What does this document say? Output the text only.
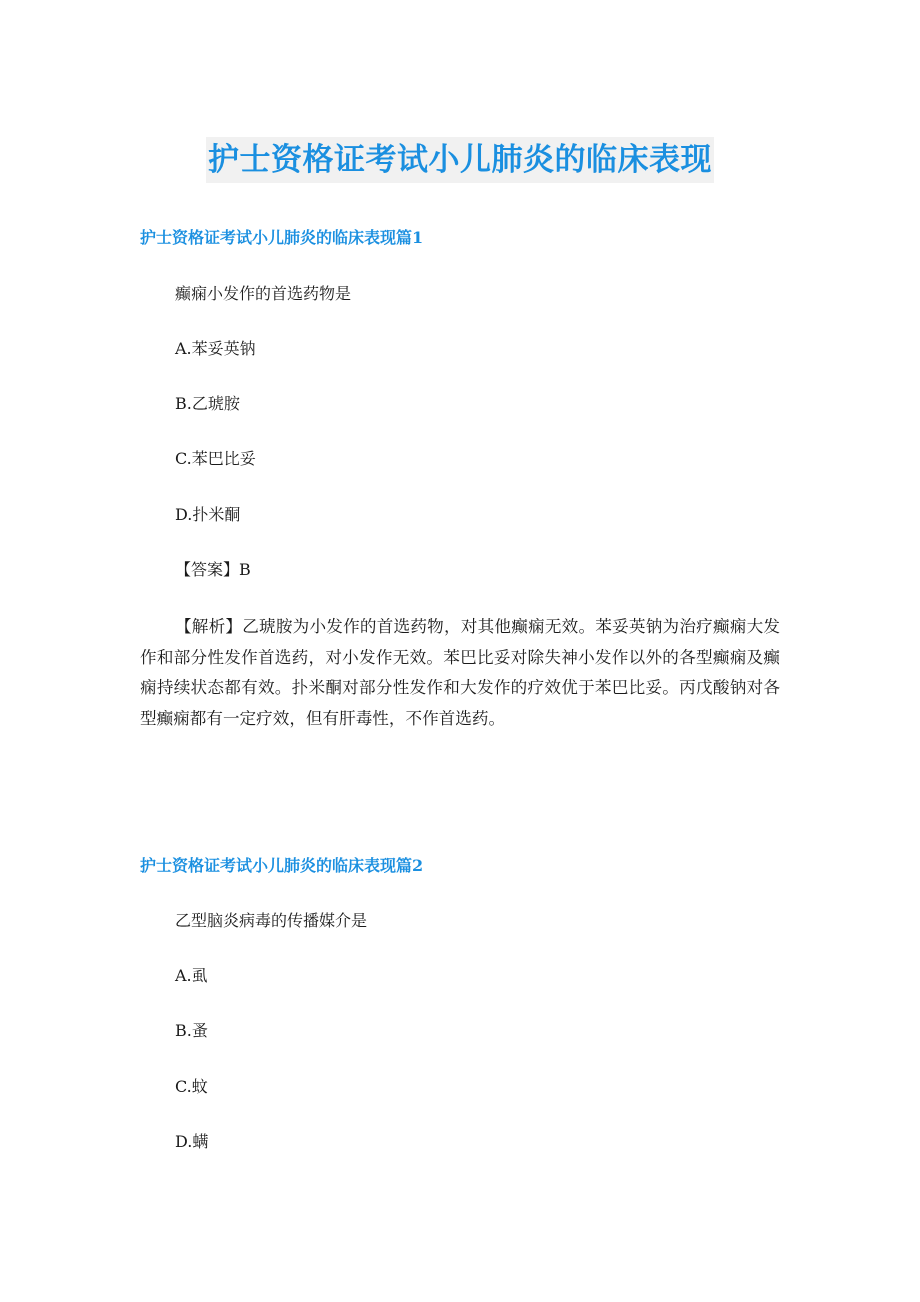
护士资格证考试小儿肺炎的临床表现
护士资格证考试小儿肺炎的临床表现篇1

癫痫小发作的首选药物是

A.苯妥英钠

B.乙琥胺

C.苯巴比妥

D.扑米酮

【答案】B

【解析】乙琥胺为小发作的首选药物，对其他癫痫无效。苯妥英钠为治疗癫痫大发作和部分性发作首选药，对小发作无效。苯巴比妥对除失神小发作以外的各型癫痫及癫痫持续状态都有效。扑米酮对部分性发作和大发作的疗效优于苯巴比妥。丙戊酸钠对各型癫痫都有一定疗效，但有肝毒性，不作首选药。

护士资格证考试小儿肺炎的临床表现篇2

乙型脑炎病毒的传播媒介是

A.虱

B.蚤

C.蚊

D.螨
